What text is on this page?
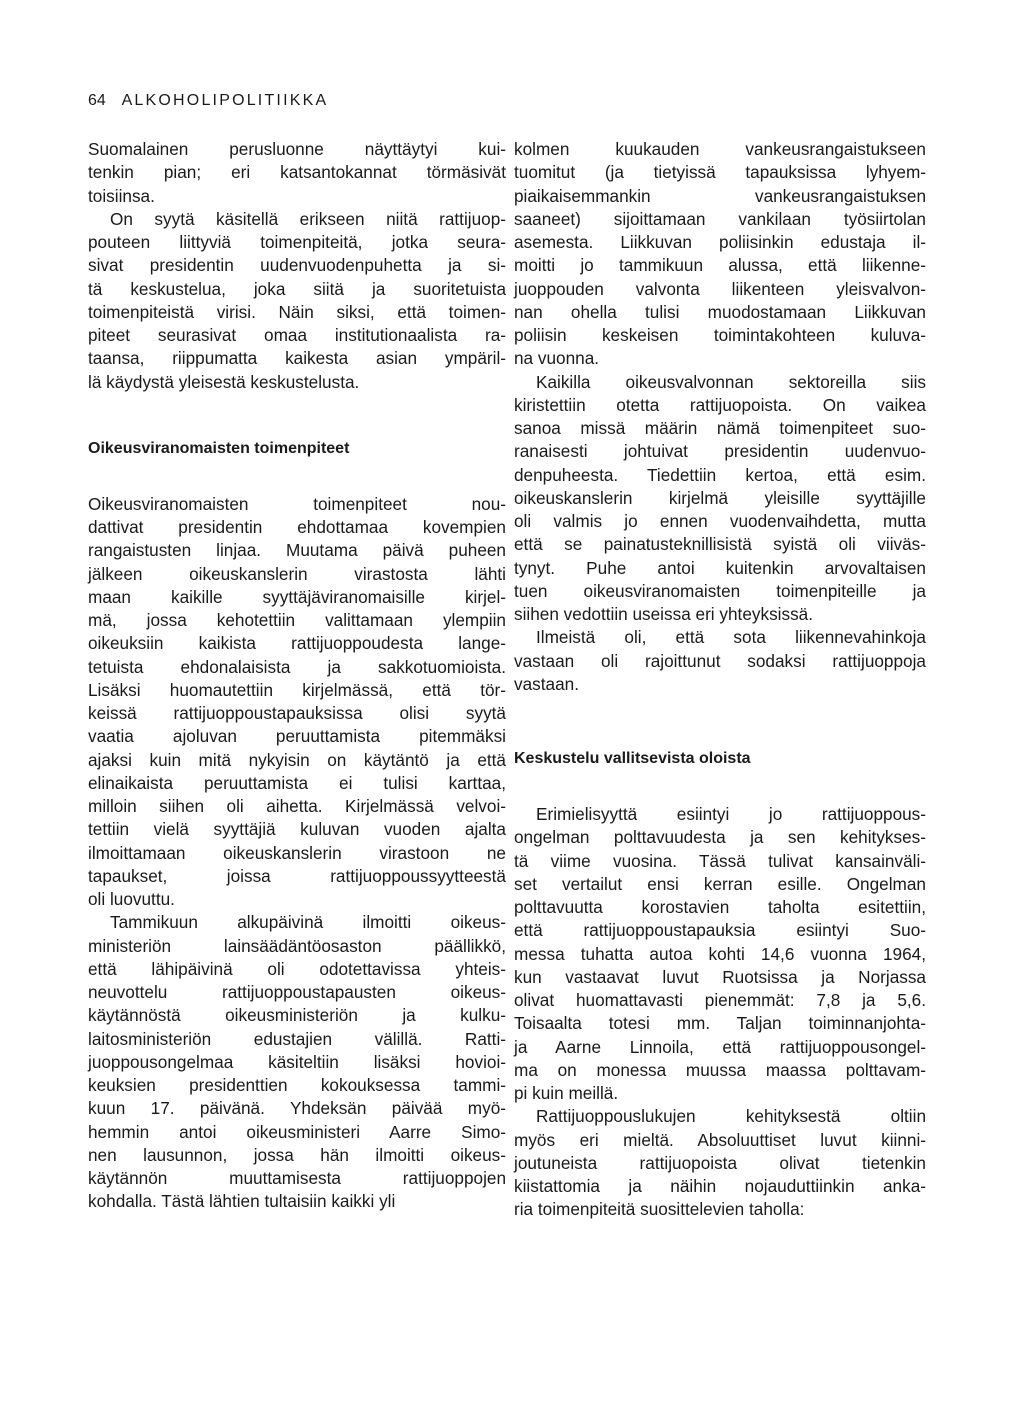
64 ALKOHOLIPOLITIIKKA
Suomalainen perusluonne näyttäytyi kui-
tenkin pian; eri katsantokannat törmäsivät
toisiinsa.
On syytä käsitellä erikseen niitä rattijuop-
pouteen liittyviä toimenpiteitä, jotka seura-
sivat presidentin uudenvuodenpuhetta ja si-
tä keskustelua, joka siitä ja suoritetuista
toimenpiteistä virisi. Näin siksi, että toimen-
piteet seurasivat omaa institutionaalista ra-
taansa, riippumatta kaikesta asian ympäril-
lä käydystä yleisestä keskustelusta.
Oikeusviranomaisten toimenpiteet
Oikeusviranomaisten toimenpiteet nou-
dattivat presidentin ehdottamaa kovempien
rangaistusten linjaa. Muutama päivä puheen
jälkeen oikeuskanslerin virastosta lähti
maan kaikille syyttäjäviranomaisille kirjel-
mä, jossa kehotettiin valittamaan ylempiin
oikeuksiin kaikista rattijuoppoudesta lange-
tetuista ehdonalaisista ja sakkotuomioista.
Lisäksi huomautettiin kirjelmässä, että tör-
keissä rattijuoppoustapauksissa olisi syytä
vaatia ajoluvan peruuttamista pitemmäksi
ajaksi kuin mitä nykyisin on käytäntö ja että
elinaikaista peruuttamista ei tulisi karttaa,
milloin siihen oli aihetta. Kirjelmässä velvoi-
tettiin vielä syyttäjiä kuluvan vuoden ajalta
ilmoittamaan oikeuskanslerin virastoon ne
tapaukset, joissa rattijuoppoussyytteestä
oli luovuttu.
Tammikuun alkupäivinä ilmoitti oikeus-
ministeriön lainsäädäntöosaston päällikkö,
että lähipäivinä oli odotettavissa yhteis-
neuvottelu rattijuoppoustapausten oikeus-
käytännöstä oikeusministeriön ja kulku-
laitosministeriön edustajien välillä. Ratti-
juoppousongelmaa käsiteltiin lisäksi hovioi-
keuksien presidenttien kokouksessa tammi-
kuun 17. päivänä. Yhdeksän päivää myö-
hemmin antoi oikeusministeri Aarre Simo-
nen lausunnon, jossa hän ilmoitti oikeus-
käytännön muuttamisesta rattijuoppojen
kohdalla. Tästä lähtien tultaisiin kaikki yli
kolmen kuukauden vankeusrangaistukseen
tuomitut (ja tietyissä tapauksissa lyhyem-
piaikaisemmankin vankeusrangaistuksen
saaneet) sijoittamaan vankilaan työsiirtolan
asemesta. Liikkuvan poliisinkin edustaja il-
moitti jo tammikuun alussa, että liikenne-
juoppouden valvonta liikenteen yleisvalvon-
nan ohella tulisi muodostamaan Liikkuvan
poliisin keskeisen toimintakohteen kuluva-
na vuonna.
Kaikilla oikeusvalvonnan sektoreilla siis
kiristettiin otetta rattijuopoista. On vaikea
sanoa missä määrin nämä toimenpiteet suo-
ranaisesti johtuivat presidentin uudenvuo-
denpuheesta. Tiedettiin kertoa, että esim.
oikeuskanslerin kirjelmä yleisille syyttäjille
oli valmis jo ennen vuodenvaihdetta, mutta
että se painatusteknillisistä syistä oli viiväs-
tynyt. Puhe antoi kuitenkin arvovaltaisen
tuen oikeusviranomaisten toimenpiteille ja
siihen vedottiin useissa eri yhteyksissä.
Ilmeistä oli, että sota liikennevahinkoja
vastaan oli rajoittunut sodaksi rattijuoppoja
vastaan.
Keskustelu vallitsevista oloista
Erimielisyyttä esiintyi jo rattijuoppous-
ongelman polttavuudesta ja sen kehitykses-
tä viime vuosina. Tässä tulivat kansainväli-
set vertailut ensi kerran esille. Ongelman
polttavuutta korostavien taholta esitettiin,
että rattijuoppoustapauksia esiintyi Suo-
messa tuhatta autoa kohti 14,6 vuonna 1964,
kun vastaavat luvut Ruotsissa ja Norjassa
olivat huomattavasti pienemmät: 7,8 ja 5,6.
Toisaalta totesi mm. Taljan toiminnanjohta-
ja Aarne Linnoila, että rattijuoppousongel-
ma on monessa muussa maassa polttavam-
pi kuin meillä.
Rattijuoppouslukujen kehityksestä oltiin
myös eri mieltä. Absoluuttiset luvut kiinni-
joutuneista rattijuopoista olivat tietenkin
kiistattomia ja näihin nojauduttiinkin anka-
ria toimenpiteitä suosittelevien taholla:
